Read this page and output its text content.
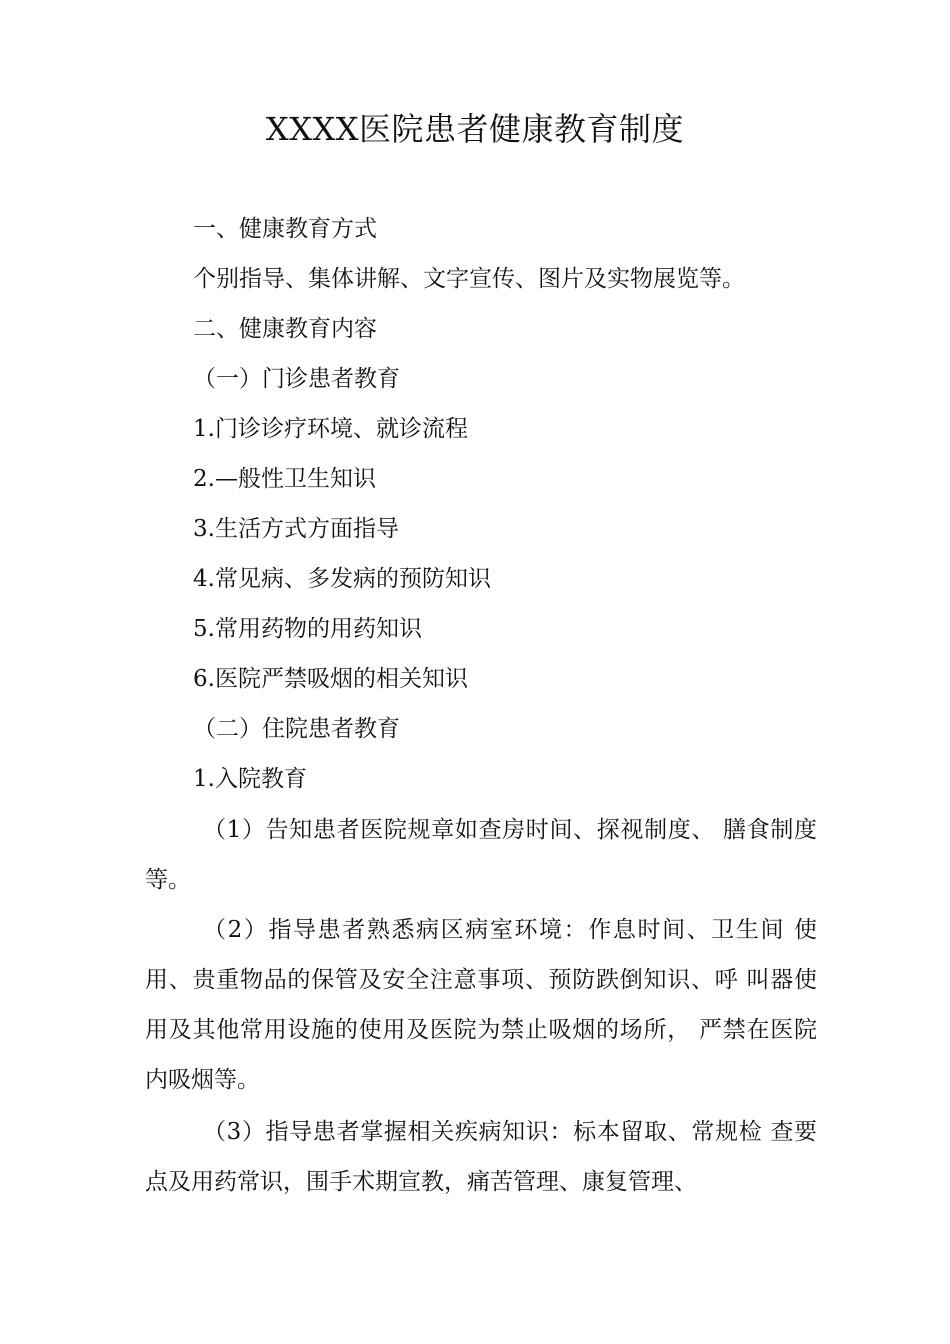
XXXX医院患者健康教育制度
一、健康教育方式
个别指导、集体讲解、文字宣传、图片及实物展览等。
二、健康教育内容
（一）门诊患者教育
1.门诊诊疗环境、就诊流程
2.—般性卫生知识
3.生活方式方面指导
4.常见病、多发病的预防知识
5.常用药物的用药知识
6.医院严禁吸烟的相关知识
（二）住院患者教育
1.入院教育
（1）告知患者医院规章如查房时间、探视制度、 膳食制度等。
（2）指导患者熟悉病区病室环境：作息时间、卫生间 使用、贵重物品的保管及安全注意事项、预防跌倒知识、呼 叫器使用及其他常用设施的使用及医院为禁止吸烟的场所， 严禁在医院内吸烟等。
（3）指导患者掌握相关疾病知识：标本留取、常规检 查要点及用药常识，围手术期宣教，痛苦管理、康复管理、
